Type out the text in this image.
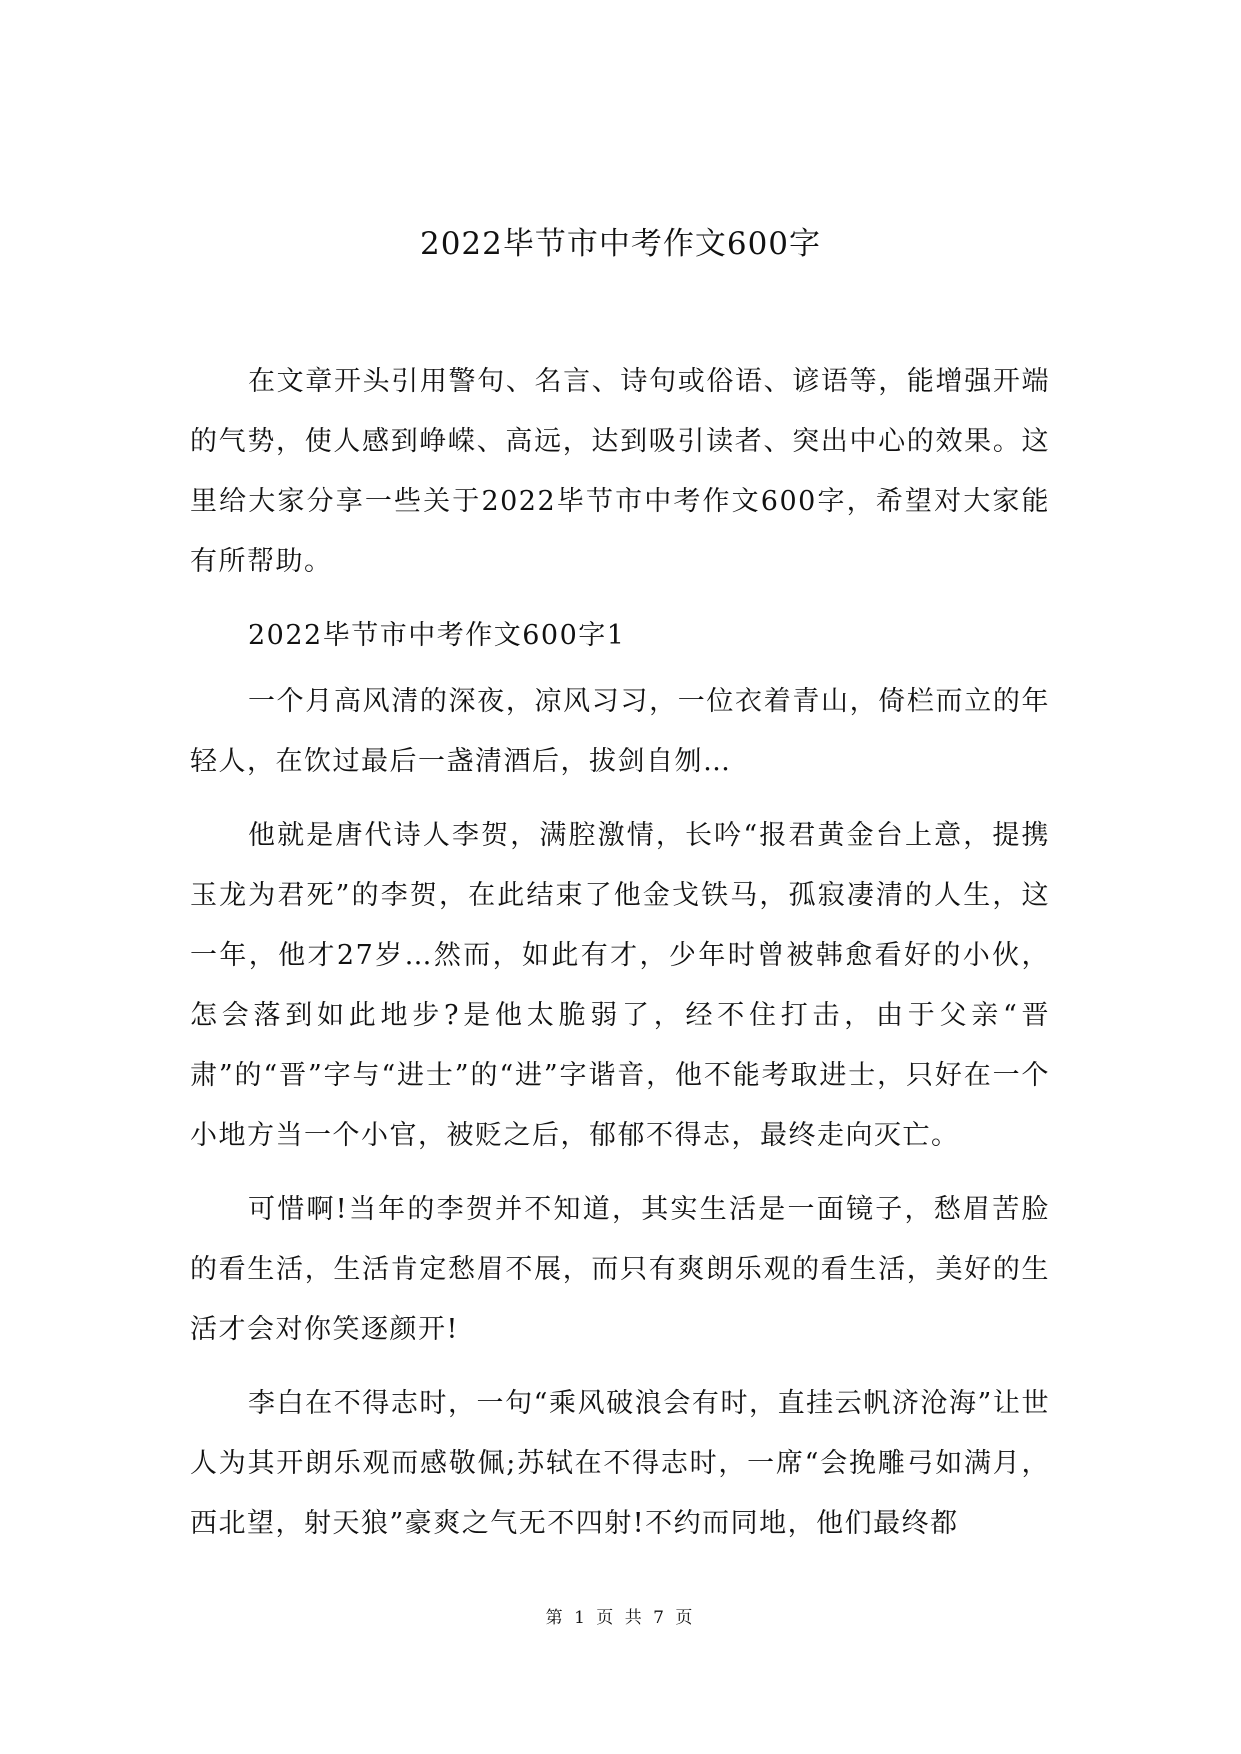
2022毕节市中考作文600字

在文章开头引用警句、名言、诗句或俗语、谚语等，能增强开端的气势，使人感到峥嵘、高远，达到吸引读者、突出中心的效果。这里给大家分享一些关于2022毕节市中考作文600字，希望对大家能有所帮助。

2022毕节市中考作文600字1

一个月高风清的深夜，凉风习习，一位衣着青山，倚栏而立的年轻人，在饮过最后一盏清酒后，拔剑自刎…

他就是唐代诗人李贺，满腔激情，长吟“报君黄金台上意，提携玉龙为君死”的李贺，在此结束了他金戈铁马，孤寂凄清的人生，这一年，他才27岁…然而，如此有才，少年时曾被韩愈看好的小伙，怎会落到如此地步?是他太脆弱了，经不住打击，由于父亲“晋肃”的“晋”字与“进士”的“进”字谐音，他不能考取进士，只好在一个小地方当一个小官，被贬之后，郁郁不得志，最终走向灭亡。

可惜啊!当年的李贺并不知道，其实生活是一面镜子，愁眉苦脸的看生活，生活肯定愁眉不展，而只有爽朗乐观的看生活，美好的生活才会对你笑逐颜开!

李白在不得志时，一句“乘风破浪会有时，直挂云帆济沧海”让世人为其开朗乐观而感敬佩;苏轼在不得志时，一席“会挽雕弓如满月，西北望，射天狼”豪爽之气无不四射!不约而同地，他们最终都

第 1 页 共 7 页
